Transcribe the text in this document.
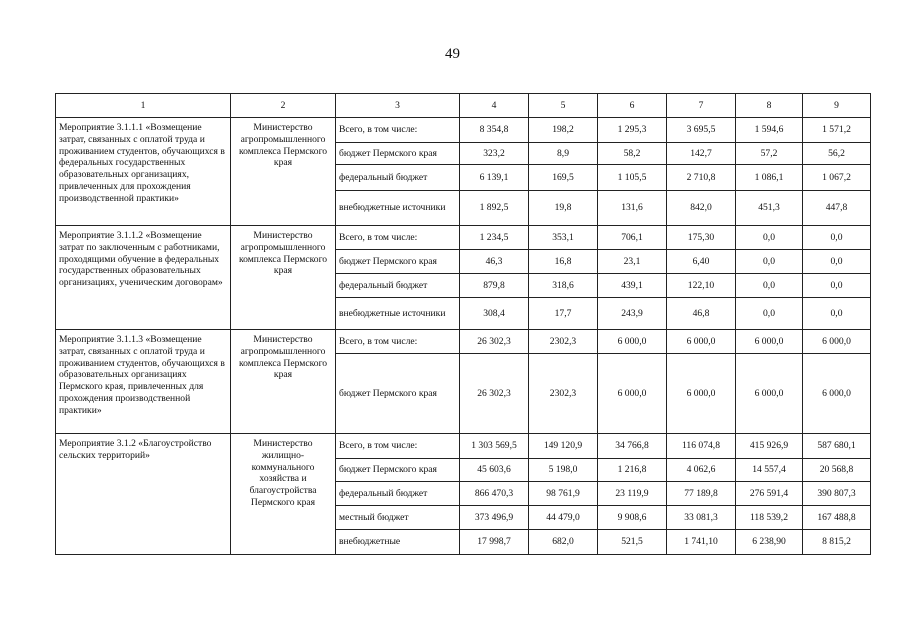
49
1	2	3	4	5	6	7	8	9

Мероприятие 3.1.1.1 «Возмещение затрат, связанных с оплатой труда и проживанием студентов, обучающихся в федеральных государственных образовательных организациях, привлеченных для прохождения производственной практики»	Министерство агропромышленного комплекса Пермского края	Всего, в том числе:	8 354,8	198,2	1 295,3	3 695,5	1 594,6	1 571,2
		бюджет Пермского края	323,2	8,9	58,2	142,7	57,2	56,2
		федеральный бюджет	6 139,1	169,5	1 105,5	2 710,8	1 086,1	1 067,2
		внебюджетные источники	1 892,5	19,8	131,6	842,0	451,3	447,8

Мероприятие 3.1.1.2 «Возмещение затрат по заключенным с работниками, проходящими обучение в федеральных государственных образовательных организациях, ученическим договорам»	Министерство агропромышленного комплекса Пермского края	Всего, в том числе:	1 234,5	353,1	706,1	175,30	0,0	0,0
		бюджет Пермского края	46,3	16,8	23,1	6,40	0,0	0,0
		федеральный бюджет	879,8	318,6	439,1	122,10	0,0	0,0
		внебюджетные источники	308,4	17,7	243,9	46,8	0,0	0,0

Мероприятие 3.1.1.3 «Возмещение затрат, связанных с оплатой труда и проживанием студентов, обучающихся в образовательных организациях Пермского края, привлеченных для прохождения производственной практики»	Министерство агропромышленного комплекса Пермского края	Всего, в том числе:	26 302,3	2302,3	6 000,0	6 000,0	6 000,0	6 000,0
		бюджет Пермского края	26 302,3	2302,3	6 000,0	6 000,0	6 000,0	6 000,0

Мероприятие 3.1.2 «Благоустройство сельских территорий»	Министерство жилищно-коммунального хозяйства и благоустройства Пермского края	Всего, в том числе:	1 303 569,5	149 120,9	34 766,8	116 074,8	415 926,9	587 680,1
		бюджет Пермского края	45 603,6	5 198,0	1 216,8	4 062,6	14 557,4	20 568,8
		федеральный бюджет	866 470,3	98 761,9	23 119,9	77 189,8	276 591,4	390 807,3
		местный бюджет	373 496,9	44 479,0	9 908,6	33 081,3	118 539,2	167 488,8
		внебюджетные	17 998,7	682,0	521,5	1 741,10	6 238,90	8 815,2
